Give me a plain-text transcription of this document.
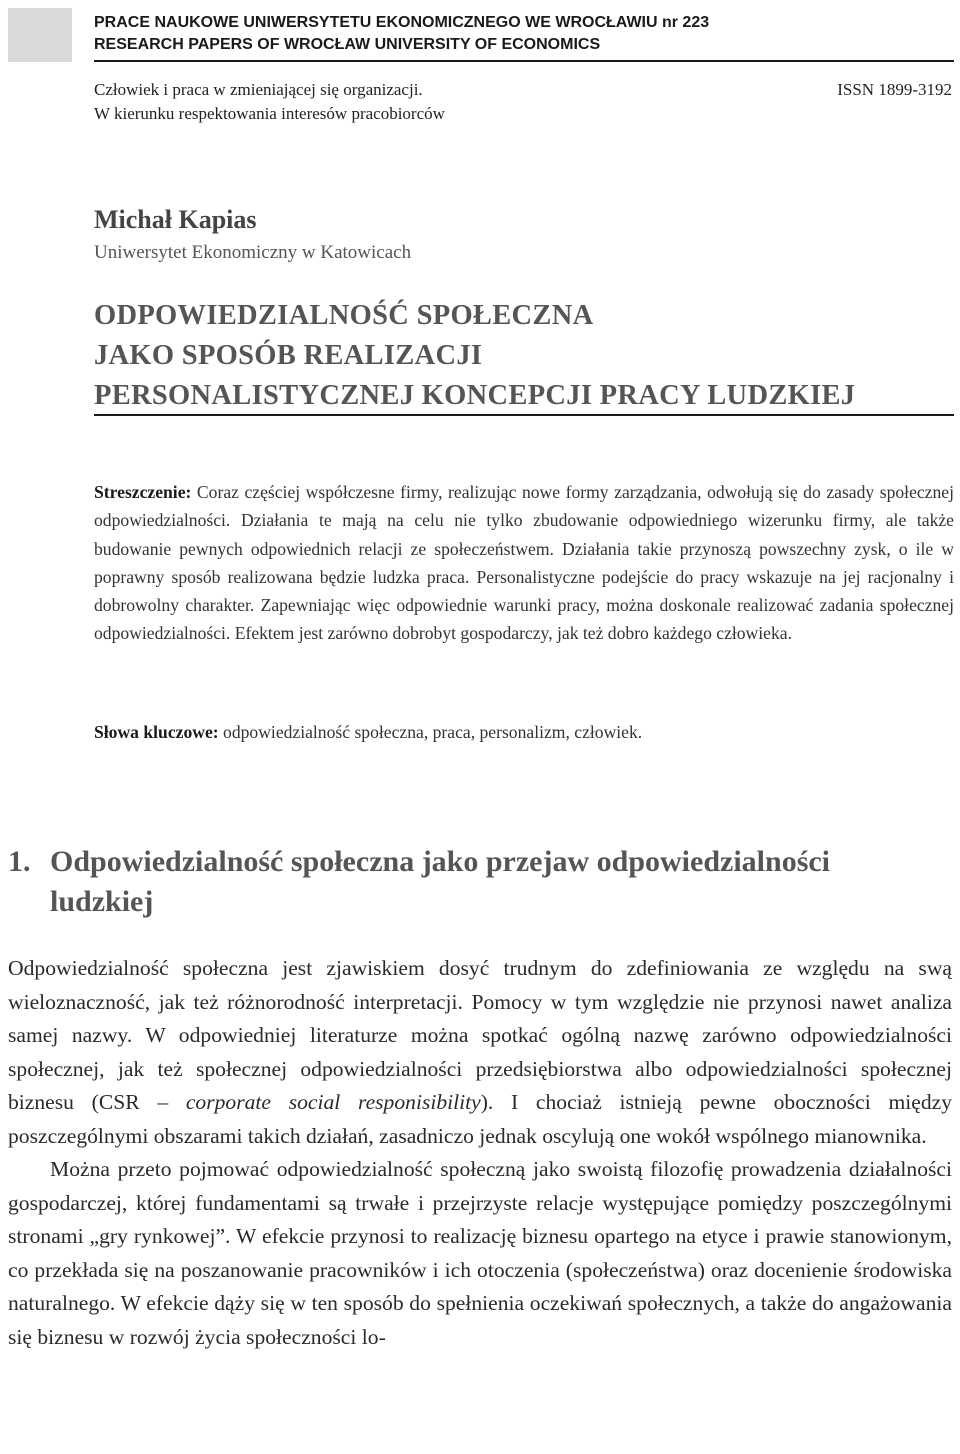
PRACE NAUKOWE UNIWERSYTETU EKONOMICZNEGO WE WROCŁAWIU nr 223
RESEARCH PAPERS OF WROCŁAW UNIVERSITY OF ECONOMICS
Człowiek i praca w zmieniającej się organizacji.
W kierunku respektowania interesów pracobiorców
ISSN 1899-3192
Michał Kapias
Uniwersytet Ekonomiczny w Katowicach
ODPOWIEDZIALNOŚĆ SPOŁECZNA
JAKO SPOSÓB REALIZACJI
PERSONALISTYCZNEJ KONCEPCJI PRACY LUDZKIEJ
Streszczenie: Coraz częściej współczesne firmy, realizując nowe formy zarządzania, odwołują się do zasady społecznej odpowiedzialności. Działania te mają na celu nie tylko zbudowanie odpowiedniego wizerunku firmy, ale także budowanie pewnych odpowiednich relacji ze społeczeństwem. Działania takie przynoszą powszechny zysk, o ile w poprawny sposób realizowana będzie ludzka praca. Personalistyczne podejście do pracy wskazuje na jej racjonalny i dobrowolny charakter. Zapewniając więc odpowiednie warunki pracy, można doskonale realizować zadania społecznej odpowiedzialności. Efektem jest zarówno dobrobyt gospodarczy, jak też dobro każdego człowieka.
Słowa kluczowe: odpowiedzialność społeczna, praca, personalizm, człowiek.
1. Odpowiedzialność społeczna jako przejaw odpowiedzialności
ludzkiej

Odpowiedzialność społeczna jest zjawiskiem dosyć trudnym do zdefiniowania ze względu na swą wieloznaczność, jak też różnorodność interpretacji. Pomocy w tym względzie nie przynosi nawet analiza samej nazwy. W odpowiedniej literaturze można spotkać ogólną nazwę zarówno odpowiedzialności społecznej, jak też społecznej odpowiedzialności przedsiębiorstwa albo odpowiedzialności społecznej biznesu (CSR – corporate social responisibility). I chociaż istnieją pewne oboczności między poszczególnymi obszarami takich działań, zasadniczo jednak oscylują one wokół wspólnego mianownika.

Można przeto pojmować odpowiedzialność społeczną jako swoistą filozofię prowadzenia działalności gospodarczej, której fundamentami są trwałe i przejrzyste relacje występujące pomiędzy poszczególnymi stronami „gry rynkowej”. W efekcie przynosi to realizację biznesu opartego na etyce i prawie stanowionym, co przekłada się na poszanowanie pracowników i ich otoczenia (społeczeństwa) oraz docenienie środowiska naturalnego. W efekcie dąży się w ten sposób do spełnienia oczekiwań społecznych, a także do angażowania się biznesu w rozwój życia społeczności lo-
